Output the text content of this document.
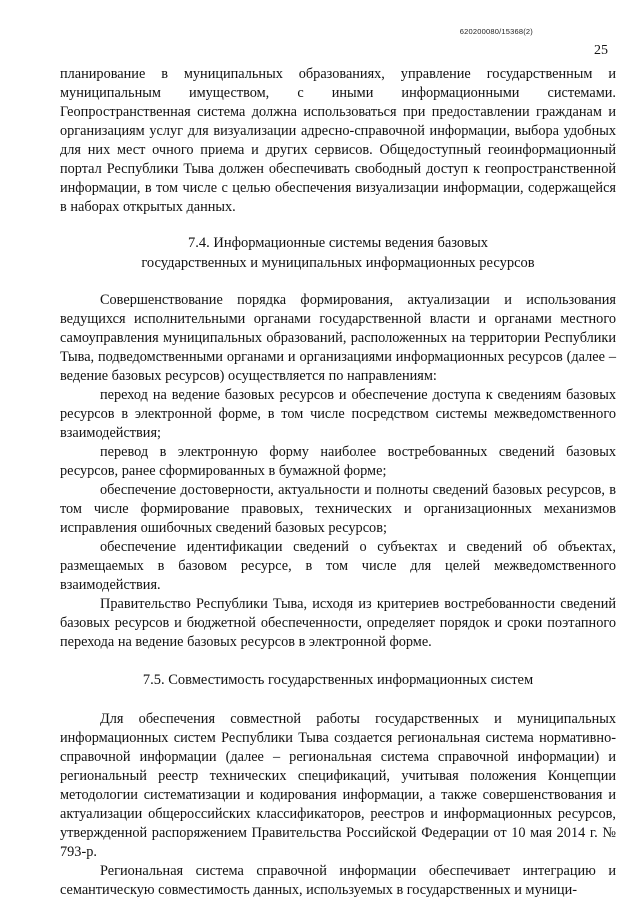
620200080/15368(2)
25

планирование в муниципальных образованиях, управление государственным и муниципальным имуществом, с иными информационными системами. Геопространственная система должна использоваться при предоставлении гражданам и организациям услуг для визуализации адресно-справочной информации, выбора удобных для них мест очного приема и других сервисов. Общедоступный геоинформационный портал Республики Тыва должен обеспечивать свободный доступ к геопространственной информации, в том числе с целью обеспечения визуализации информации, содержащейся в наборах открытых данных.

7.4. Информационные системы ведения базовых
государственных и муниципальных информационных ресурсов

Совершенствование порядка формирования, актуализации и использования ведущихся исполнительными органами государственной власти и органами местного самоуправления муниципальных образований, расположенных на территории Республики Тыва, подведомственными органами и организациями информационных ресурсов (далее – ведение базовых ресурсов) осуществляется по направлениям:

переход на ведение базовых ресурсов и обеспечение доступа к сведениям базовых ресурсов в электронной форме, в том числе посредством системы межведомственного взаимодействия;

перевод в электронную форму наиболее востребованных сведений базовых ресурсов, ранее сформированных в бумажной форме;

обеспечение достоверности, актуальности и полноты сведений базовых ресурсов, в том числе формирование правовых, технических и организационных механизмов исправления ошибочных сведений базовых ресурсов;

обеспечение идентификации сведений о субъектах и сведений об объектах, размещаемых в базовом ресурсе, в том числе для целей межведомственного взаимодействия.

Правительство Республики Тыва, исходя из критериев востребованности сведений базовых ресурсов и бюджетной обеспеченности, определяет порядок и сроки поэтапного перехода на ведение базовых ресурсов в электронной форме.

7.5. Совместимость государственных информационных систем

Для обеспечения совместной работы государственных и муниципальных информационных систем Республики Тыва создается региональная система нормативно-справочной информации (далее – региональная система справочной информации) и региональный реестр технических спецификаций, учитывая положения Концепции методологии систематизации и кодирования информации, а также совершенствования и актуализации общероссийских классификаторов, реестров и информационных ресурсов, утвержденной распоряжением Правительства Российской Федерации от 10 мая 2014 г. № 793-р.

Региональная система справочной информации обеспечивает интеграцию и семантическую совместимость данных, используемых в государственных и муници-
